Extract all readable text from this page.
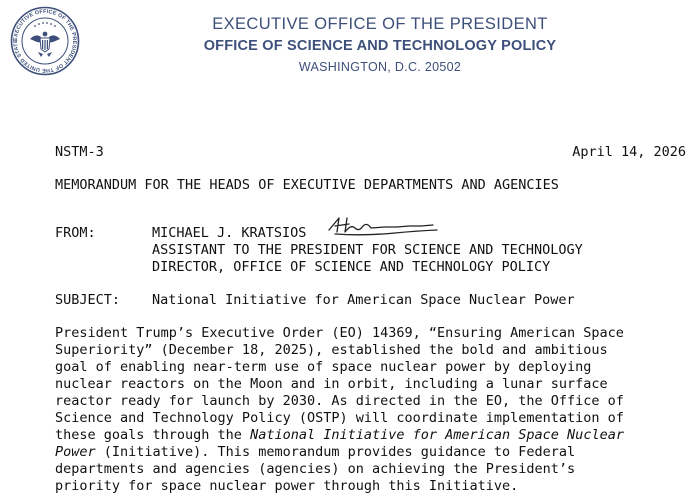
EXECUTIVE OFFICE OF THE PRESIDENT OF THE UNITED STATE
EXECUTIVE OFFICE OF THE PRESIDENT
OFFICE OF SCIENCE AND TECHNOLOGY POLICY
WASHINGTON, D.C. 20502
NSTM-3	April 14, 2026
MEMORANDUM FOR THE HEADS OF EXECUTIVE DEPARTMENTS AND AGENCIES
FROM:	MICHAEL J. KRATSIOS
ASSISTANT TO THE PRESIDENT FOR SCIENCE AND TECHNOLOGY
DIRECTOR, OFFICE OF SCIENCE AND TECHNOLOGY POLICY
SUBJECT: National Initiative for American Space Nuclear Power
President Trump’s Executive Order (EO) 14369, “Ensuring American Space
Superiority” (December 18, 2025), established the bold and ambitious
goal of enabling near-term use of space nuclear power by deploying
nuclear reactors on the Moon and in orbit, including a lunar surface
reactor ready for launch by 2030. As directed in the EO, the Office of
Science and Technology Policy (OSTP) will coordinate implementation of
these goals through the National Initiative for American Space Nuclear
Power (Initiative). This memorandum provides guidance to Federal
departments and agencies (agencies) on achieving the President’s
priority for space nuclear power through this Initiative.
